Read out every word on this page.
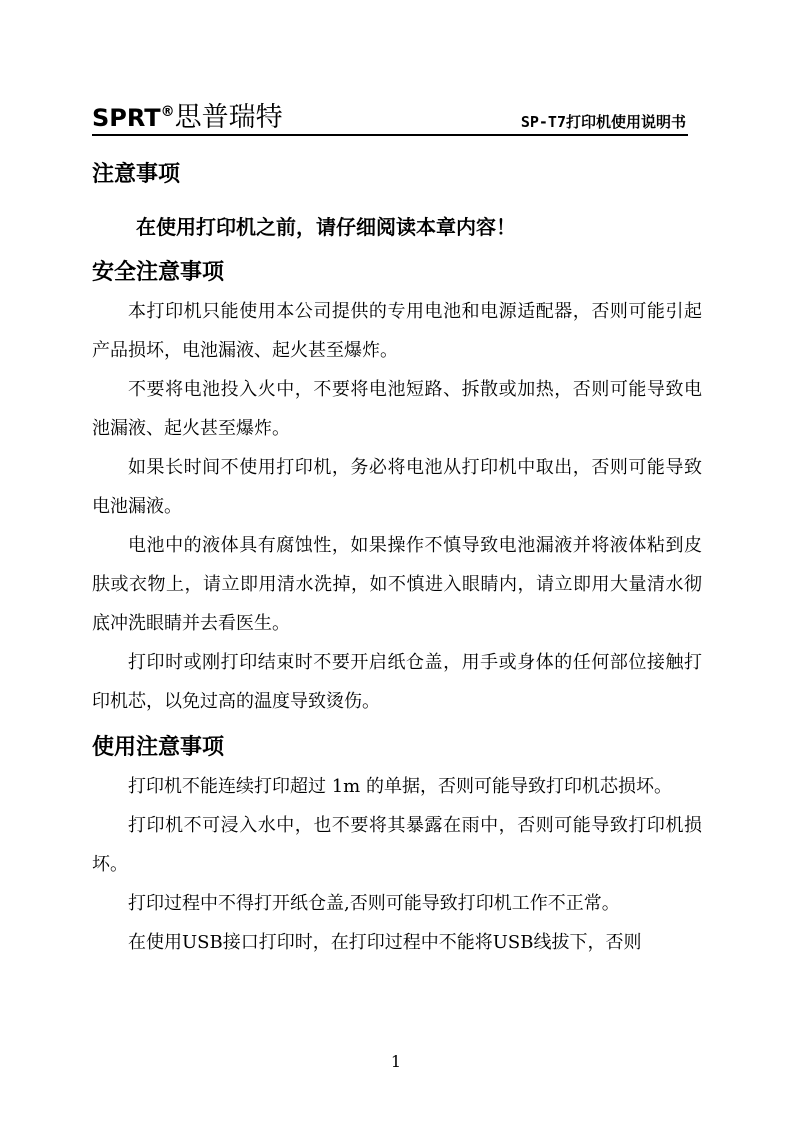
SPRT®思普瑞特	SP-T7打印机使用说明书
注意事项
在使用打印机之前，请仔细阅读本章内容！
安全注意事项

本打印机只能使用本公司提供的专用电池和电源适配器，否则可能引起产品损坏，电池漏液、起火甚至爆炸。

不要将电池投入火中，不要将电池短路、拆散或加热，否则可能导致电池漏液、起火甚至爆炸。

如果长时间不使用打印机，务必将电池从打印机中取出，否则可能导致电池漏液。

电池中的液体具有腐蚀性，如果操作不慎导致电池漏液并将液体粘到皮肤或衣物上，请立即用清水洗掉，如不慎进入眼睛内，请立即用大量清水彻底冲洗眼睛并去看医生。

打印时或刚打印结束时不要开启纸仓盖，用手或身体的任何部位接触打印机芯，以免过高的温度导致烫伤。

使用注意事项

打印机不能连续打印超过 1m 的单据，否则可能导致打印机芯损坏。

打印机不可浸入水中，也不要将其暴露在雨中，否则可能导致打印机损坏。

打印过程中不得打开纸仓盖,否则可能导致打印机工作不正常。

在使用USB接口打印时，在打印过程中不能将USB线拔下，否则

1
